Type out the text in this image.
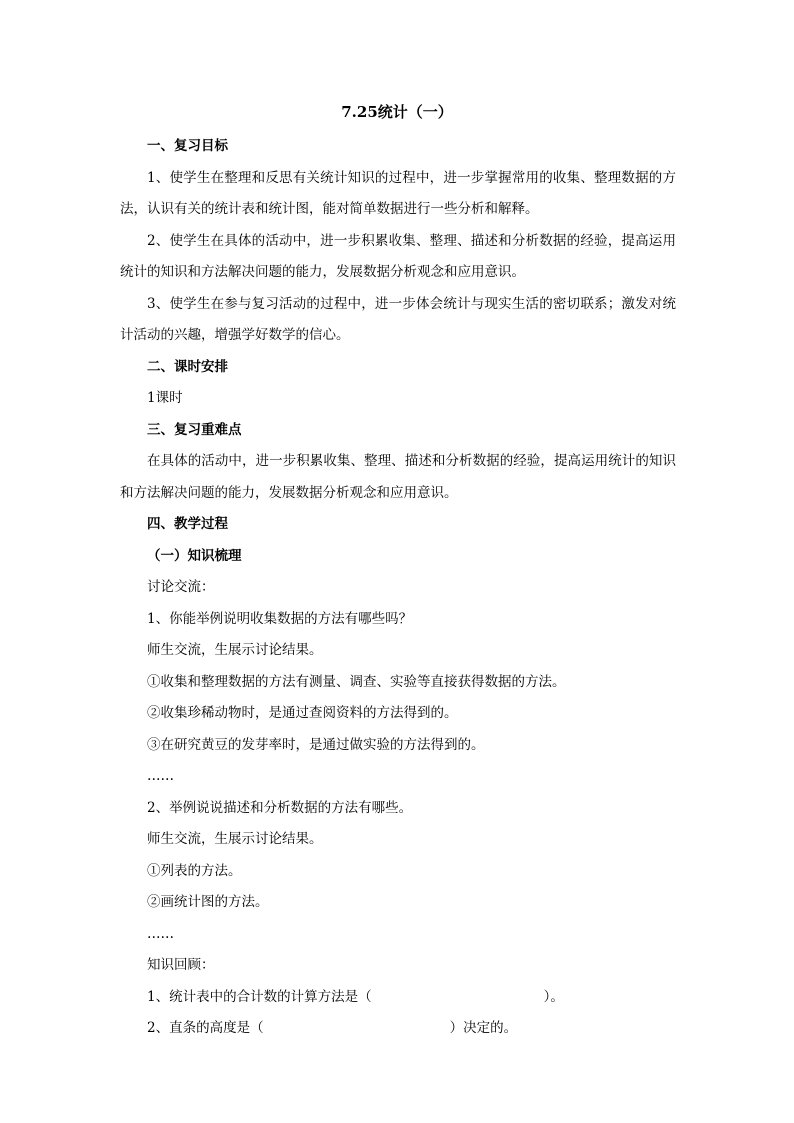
7.25统计（一）

一、复习目标

1、使学生在整理和反思有关统计知识的过程中，进一步掌握常用的收集、整理数据的方法，认识有关的统计表和统计图，能对简单数据进行一些分析和解释。

2、使学生在具体的活动中，进一步积累收集、整理、描述和分析数据的经验，提高运用统计的知识和方法解决问题的能力，发展数据分析观念和应用意识。

3、使学生在参与复习活动的过程中，进一步体会统计与现实生活的密切联系；激发对统计活动的兴趣，增强学好数学的信心。

二、课时安排

1课时

三、复习重难点

在具体的活动中，进一步积累收集、整理、描述和分析数据的经验，提高运用统计的知识和方法解决问题的能力，发展数据分析观念和应用意识。

四、教学过程

（一）知识梳理

讨论交流：

1、你能举例说明收集数据的方法有哪些吗？

师生交流，生展示讨论结果。

①收集和整理数据的方法有测量、调查、实验等直接获得数据的方法。

②收集珍稀动物时，是通过查阅资料的方法得到的。

③在研究黄豆的发芽率时，是通过做实验的方法得到的。

……

2、举例说说描述和分析数据的方法有哪些。

师生交流，生展示讨论结果。

①列表的方法。

②画统计图的方法。

……

知识回顾：

1、统计表中的合计数的计算方法是（	）。

2、直条的高度是（	）决定的。
